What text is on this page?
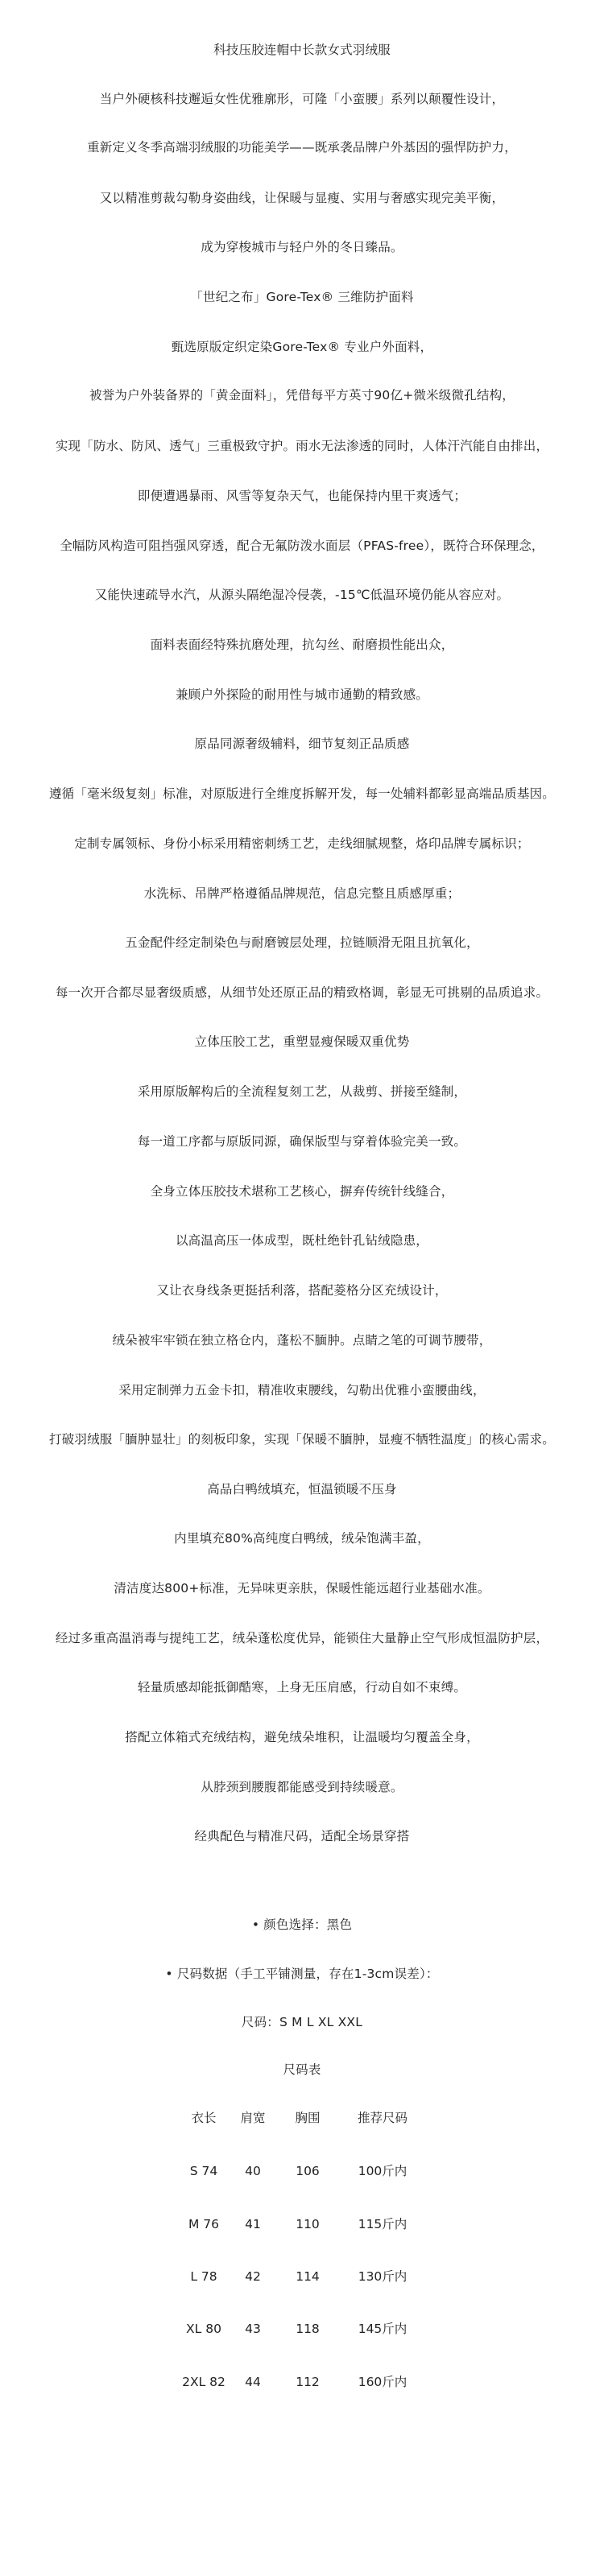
科技压胶连帽中长款女式羽绒服
当户外硬核科技邂逅女性优雅廓形，可隆「小蛮腰」系列以颠覆性设计，
重新定义冬季高端羽绒服的功能美学——既承袭品牌户外基因的强悍防护力，
又以精准剪裁勾勒身姿曲线，让保暖与显瘦、实用与奢感实现完美平衡，
成为穿梭城市与轻户外的冬日臻品。
「世纪之布」Gore-Tex® 三维防护面料
甄选原版定织定染Gore-Tex® 专业户外面料，
被誉为户外装备界的「黄金面料」，凭借每平方英寸90亿+微米级微孔结构，
实现「防水、防风、透气」三重极致守护。雨水无法渗透的同时，人体汗汽能自由排出，
即便遭遇暴雨、风雪等复杂天气，也能保持内里干爽透气；
全幅防风构造可阻挡强风穿透，配合无氟防泼水面层（PFAS-free），既符合环保理念，
又能快速疏导水汽，从源头隔绝湿冷侵袭，-15℃低温环境仍能从容应对。
面料表面经特殊抗磨处理，抗勾丝、耐磨损性能出众，
兼顾户外探险的耐用性与城市通勤的精致感。
原品同源奢级辅料，细节复刻正品质感
遵循「毫米级复刻」标准，对原版进行全维度拆解开发，每一处辅料都彰显高端品质基因。
定制专属领标、身份小标采用精密刺绣工艺，走线细腻规整，烙印品牌专属标识；
水洗标、吊牌严格遵循品牌规范，信息完整且质感厚重；
五金配件经定制染色与耐磨镀层处理，拉链顺滑无阻且抗氧化，
每一次开合都尽显奢级质感，从细节处还原正品的精致格调，彰显无可挑剔的品质追求。
立体压胶工艺，重塑显瘦保暖双重优势
采用原版解构后的全流程复刻工艺，从裁剪、拼接至缝制，
每一道工序都与原版同源，确保版型与穿着体验完美一致。
全身立体压胶技术堪称工艺核心，摒弃传统针线缝合，
以高温高压一体成型，既杜绝针孔钻绒隐患，
又让衣身线条更挺括利落，搭配菱格分区充绒设计，
绒朵被牢牢锁在独立格仓内，蓬松不腼肿。点睛之笔的可调节腰带，
采用定制弹力五金卡扣，精准收束腰线，勾勒出优雅小蛮腰曲线，
打破羽绒服「腼肿显壮」的刻板印象，实现「保暖不腼肿，显瘦不牺牲温度」的核心需求。
高品白鸭绒填充，恒温锁暖不压身
内里填充80%高纯度白鸭绒，绒朵饱满丰盈，
清洁度达800+标准，无异味更亲肤，保暖性能远超行业基础水准。
经过多重高温消毒与提纯工艺，绒朵蓬松度优异，能锁住大量静止空气形成恒温防护层，
轻量质感却能抵御酷寒，上身无压肩感，行动自如不束缚。
搭配立体箱式充绒结构，避免绒朵堆积，让温暖均匀覆盖全身，
从脖颈到腰腹都能感受到持续暖意。
经典配色与精准尺码，适配全场景穿搭
• 颜色选择：黑色
• 尺码数据（手工平铺测量，存在1-3cm误差）：
尺码：S M L XL XXL
尺码表
衣长	肩宽	胸围	推荐尺码
S 74	40	106	100斤内
M 76	41	110	115斤内
L 78	42	114	130斤内
XL 80	43	118	145斤内
2XL 82	44	112	160斤内
